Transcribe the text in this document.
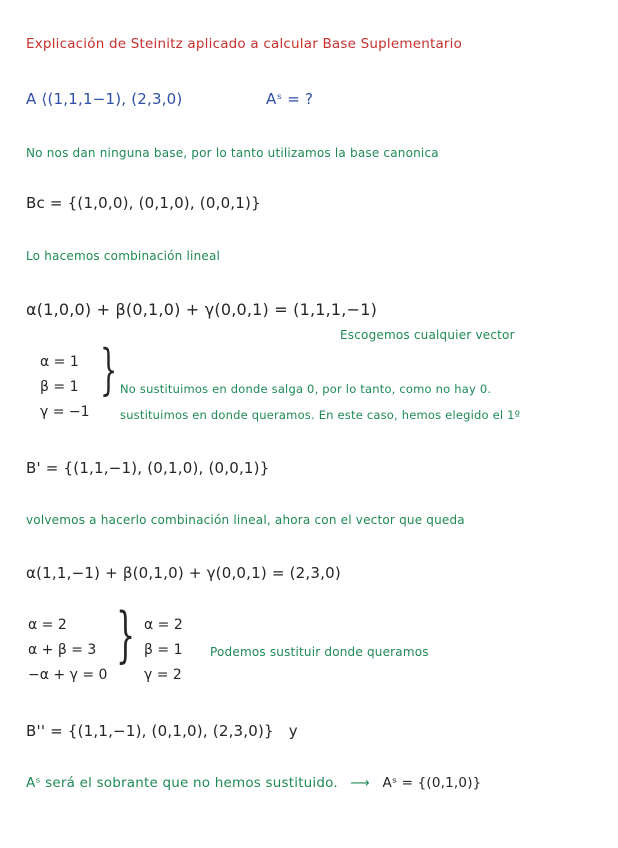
Explicación de Steinitz aplicado a calcular Base Suplementario
A ⟨(1,1,1−1), (2,3,0)	Aˢ = ?
No nos dan ninguna base, por lo tanto utilizamos la base canonica
Bc = {(1,0,0), (0,1,0), (0,0,1)}
Lo hacemos combinación lineal
α(1,0,0) + β(0,1,0) + γ(0,0,1) = (1,1,1,−1)
Escogemos cualquier vector
α = 1
β = 1
γ = −1
} No sustituimos en donde salga 0, por lo tanto, como no hay 0.
sustituimos en donde queramos. En este caso, hemos elegido el 1º
B' = {(1,1,−1), (0,1,0), (0,0,1)}
volvemos a hacerlo combinación lineal, ahora con el vector que queda
α(1,1,−1) + β(0,1,0) + γ(0,0,1) = (2,3,0)
α = 2
α + β = 3
−α + γ = 0
} α = 2
β = 1
γ = 2
Podemos sustituir donde queramos
B'' = {(1,1,−1), (0,1,0), (2,3,0)} y
Aˢ será el sobrante que no hemos sustituido. ⟶ Aˢ = {(0,1,0)}
